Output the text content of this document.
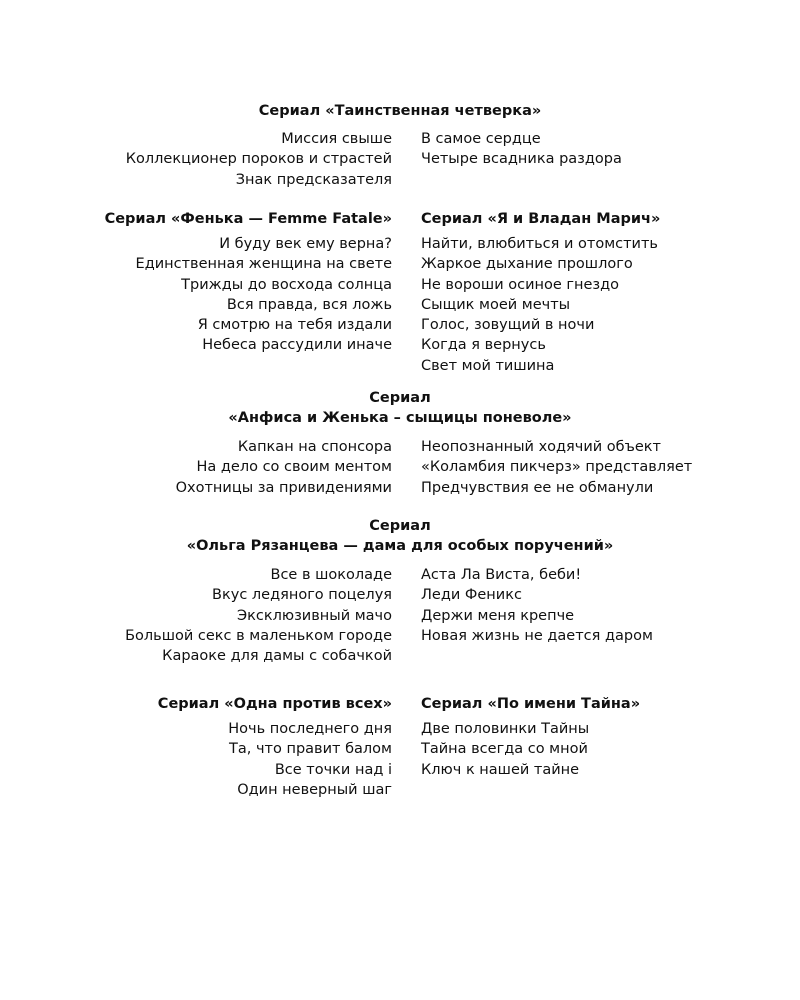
Сериал «Таинственная четверка»
Миссия свыше
Коллекционер пороков и страстей
Знак предсказателя
В самое сердце
Четыре всадника раздора
Сериал «Фенька — Femme Fatale»
И буду век ему верна?
Единственная женщина на свете
Трижды до восхода солнца
Вся правда, вся ложь
Я смотрю на тебя издали
Небеса рассудили иначе
Сериал «Я и Владан Марич»
Найти, влюбиться и отомстить
Жаркое дыхание прошлого
Не вороши осиное гнездо
Сыщик моей мечты
Голос, зовущий в ночи
Когда я вернусь
Свет мой тишина
Сериал
«Анфиса и Женька – сыщицы поневоле»
Капкан на спонсора
На дело со своим ментом
Охотницы за привидениями
Неопознанный ходячий объект
«Коламбия пикчерз» представляет
Предчувствия ее не обманули
Сериал
«Ольга Рязанцева — дама для особых поручений»
Все в шоколаде
Вкус ледяного поцелуя
Эксклюзивный мачо
Большой секс в маленьком городе
Караоке для дамы с собачкой
Аста Ла Виста, беби!
Леди Феникс
Держи меня крепче
Новая жизнь не дается даром
Сериал «Одна против всех»
Ночь последнего дня
Та, что правит балом
Все точки над i
Один неверный шаг
Сериал «По имени Тайна»
Две половинки Тайны
Тайна всегда со мной
Ключ к нашей тайне
